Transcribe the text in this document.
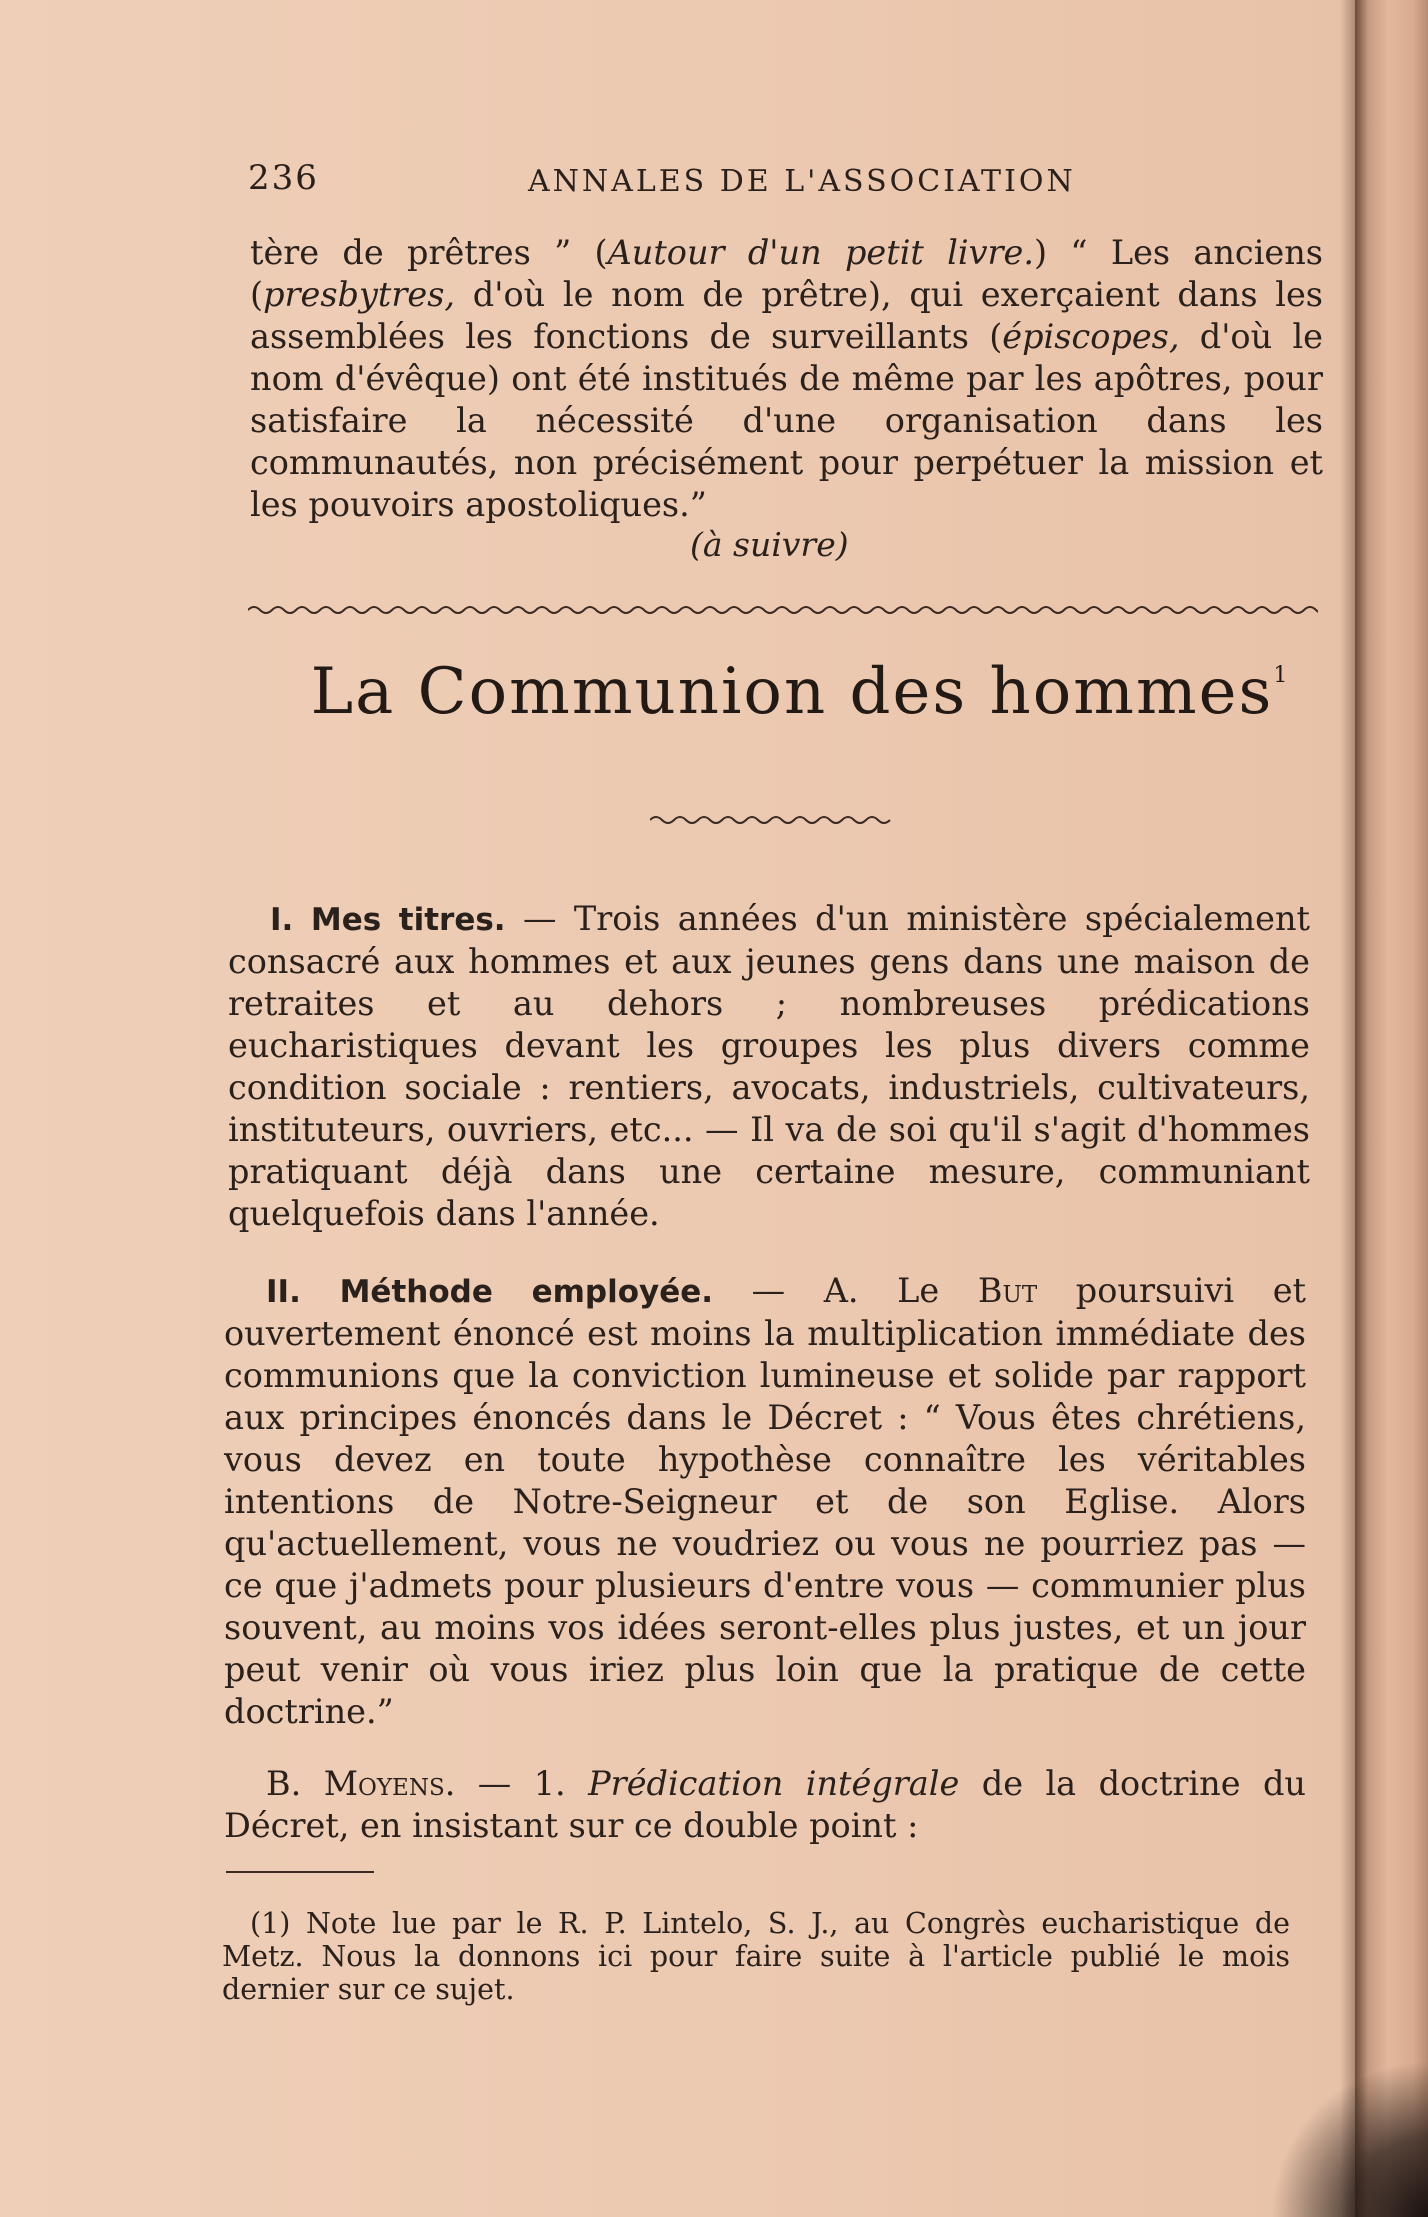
236	ANNALES DE L'ASSOCIATION
tère de prêtres ” (Autour d'un petit livre.) “ Les anciens (presbytres, d'où le nom de prêtre), qui exerçaient dans les assemblées les fonctions de surveillants (épiscopes, d'où le nom d'évêque) ont été institués de même par les apôtres, pour satisfaire la nécessité d'une organisation dans les communautés, non précisément pour perpétuer la mission et les pouvoirs apostoliques.”
(à suivre)
La Communion des hommes$^1$
I. Mes titres. — Trois années d'un ministère spécialement consacré aux hommes et aux jeunes gens dans une maison de retraites et au dehors ; nombreuses prédications eucharistiques devant les groupes les plus divers comme condition sociale : rentiers, avocats, industriels, cultivateurs, instituteurs, ouvriers, etc... — Il va de soi qu'il s'agit d'hommes pratiquant déjà dans une certaine mesure, communiant quelquefois dans l'année.
II. Méthode employée. — A. Le But poursuivi et ouvertement énoncé est moins la multiplication immédiate des communions que la conviction lumineuse et solide par rapport aux principes énoncés dans le Décret : “ Vous êtes chrétiens, vous devez en toute hypothèse connaître les véritables intentions de Notre-Seigneur et de son Eglise. Alors qu'actuellement, vous ne voudriez ou vous ne pourriez pas — ce que j'admets pour plusieurs d'entre vous — communier plus souvent, au moins vos idées seront-elles plus justes, et un jour peut venir où vous iriez plus loin que la pratique de cette doctrine.”
B. Moyens. — 1. Prédication intégrale de la doctrine du Décret, en insistant sur ce double point :
(1) Note lue par le R. P. Lintelo, S. J., au Congrès eucharistique de Metz. Nous la donnons ici pour faire suite à l'article publié le mois dernier sur ce sujet.
